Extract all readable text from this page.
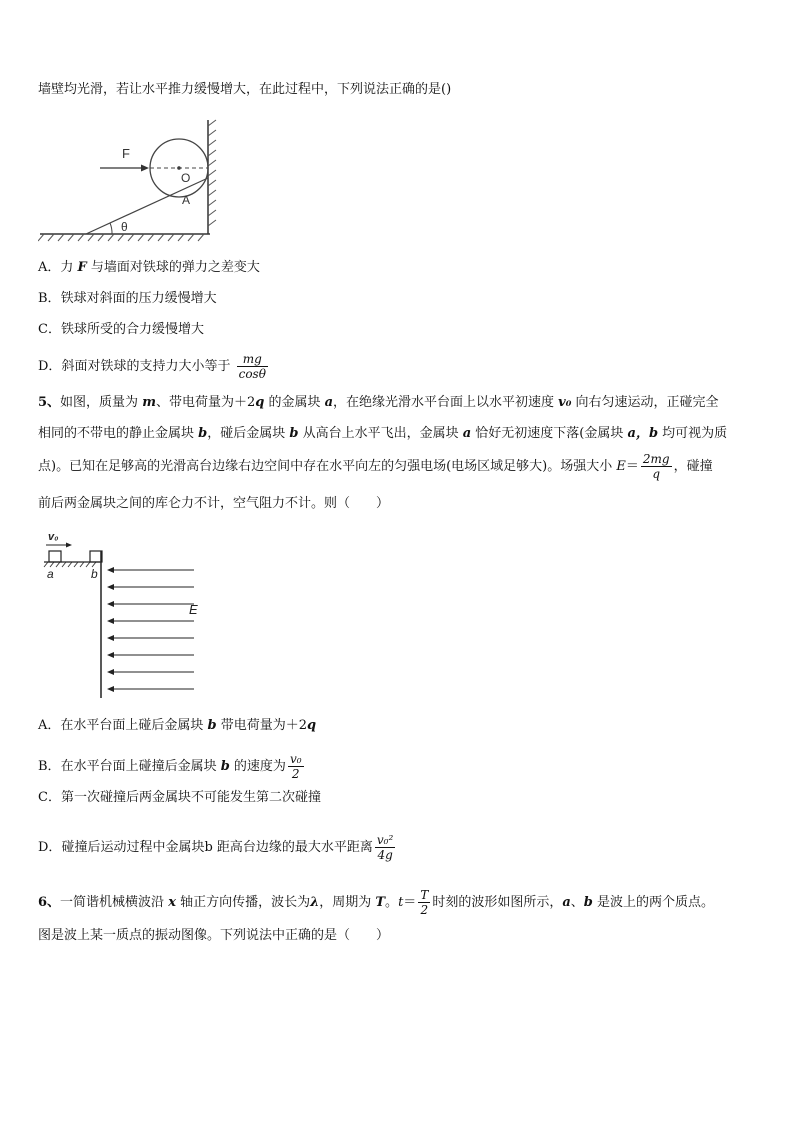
墙壁均光滑，若让水平推力缓慢增大，在此过程中，下列说法正确的是()
F
O
A
θ
A．力 F 与墙面对铁球的弹力之差变大
B．铁球对斜面的压力缓慢增大
C．铁球所受的合力缓慢增大
D．斜面对铁球的支持力大小等于 $\frac{mg}{\cos\theta}$
5、如图，质量为 m、带电荷量为＋2q 的金属块 a，在绝缘光滑水平台面上以水平初速度 v₀ 向右匀速运动，正碰完全
相同的不带电的静止金属块 b，碰后金属块 b 从高台上水平飞出，金属块 a 恰好无初速度下落(金属块 a，b 均可视为质
点)。已知在足够高的光滑高台边缘右边空间中存在水平向左的匀强电场(电场区域足够大)。场强大小 $E= \frac{2mg}{q}$ ，碰撞
前后两金属块之间的库仑力不计，空气阻力不计。则（　　）
v₀
a	b
E
A．在水平台面上碰后金属块 b 带电荷量为＋2q
B．在水平台面上碰撞后金属块 b 的速度为 $\frac{\text{v₀}}{2}$
C．第一次碰撞后两金属块不可能发生第二次碰撞
D．碰撞后运动过程中金属块b 距高台边缘的最大水平距离 $\frac{\text{v₀²}}{4g}$
6、一简谐机械横波沿 x 轴正方向传播，波长为λ，周期为 T。$t= \frac{T}{2}$ 时刻的波形如图所示，a、b 是波上的两个质点。
图是波上某一质点的振动图像。下列说法中正确的是（　　）
